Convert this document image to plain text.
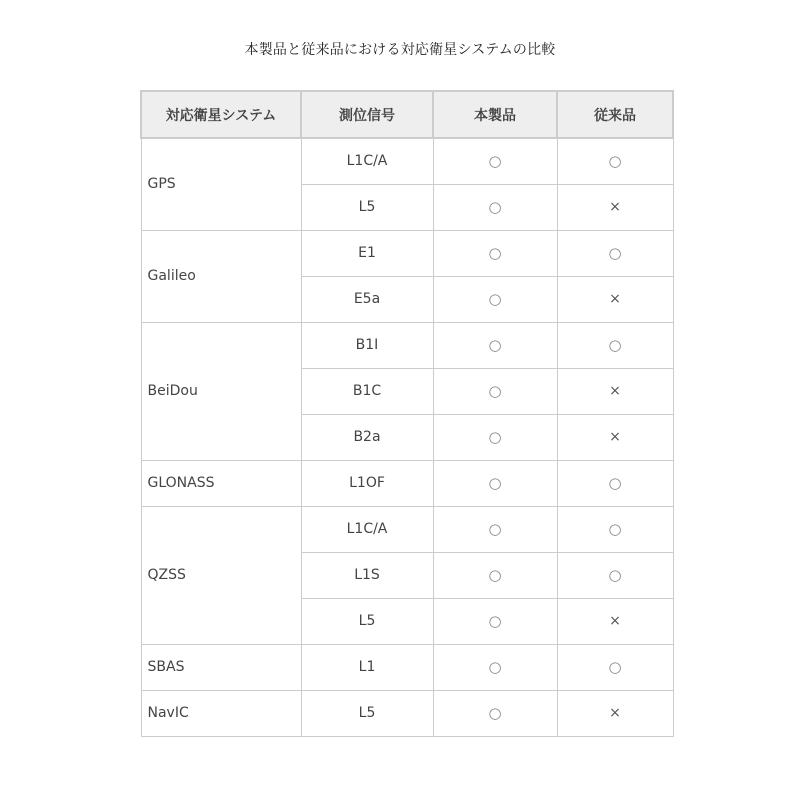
本製品と従来品における対応衛星システムの比較
対応衛星システム	測位信号	本製品	従来品
GPS	L1C/A	○	○
	L5	○	×
Galileo	E1	○	○
	E5a	○	×
BeiDou	B1I	○	○
	B1C	○	×
	B2a	○	×
GLONASS	L1OF	○	○
QZSS	L1C/A	○	○
	L1S	○	○
	L5	○	×
SBAS	L1	○	○
NavIC	L5	○	×
